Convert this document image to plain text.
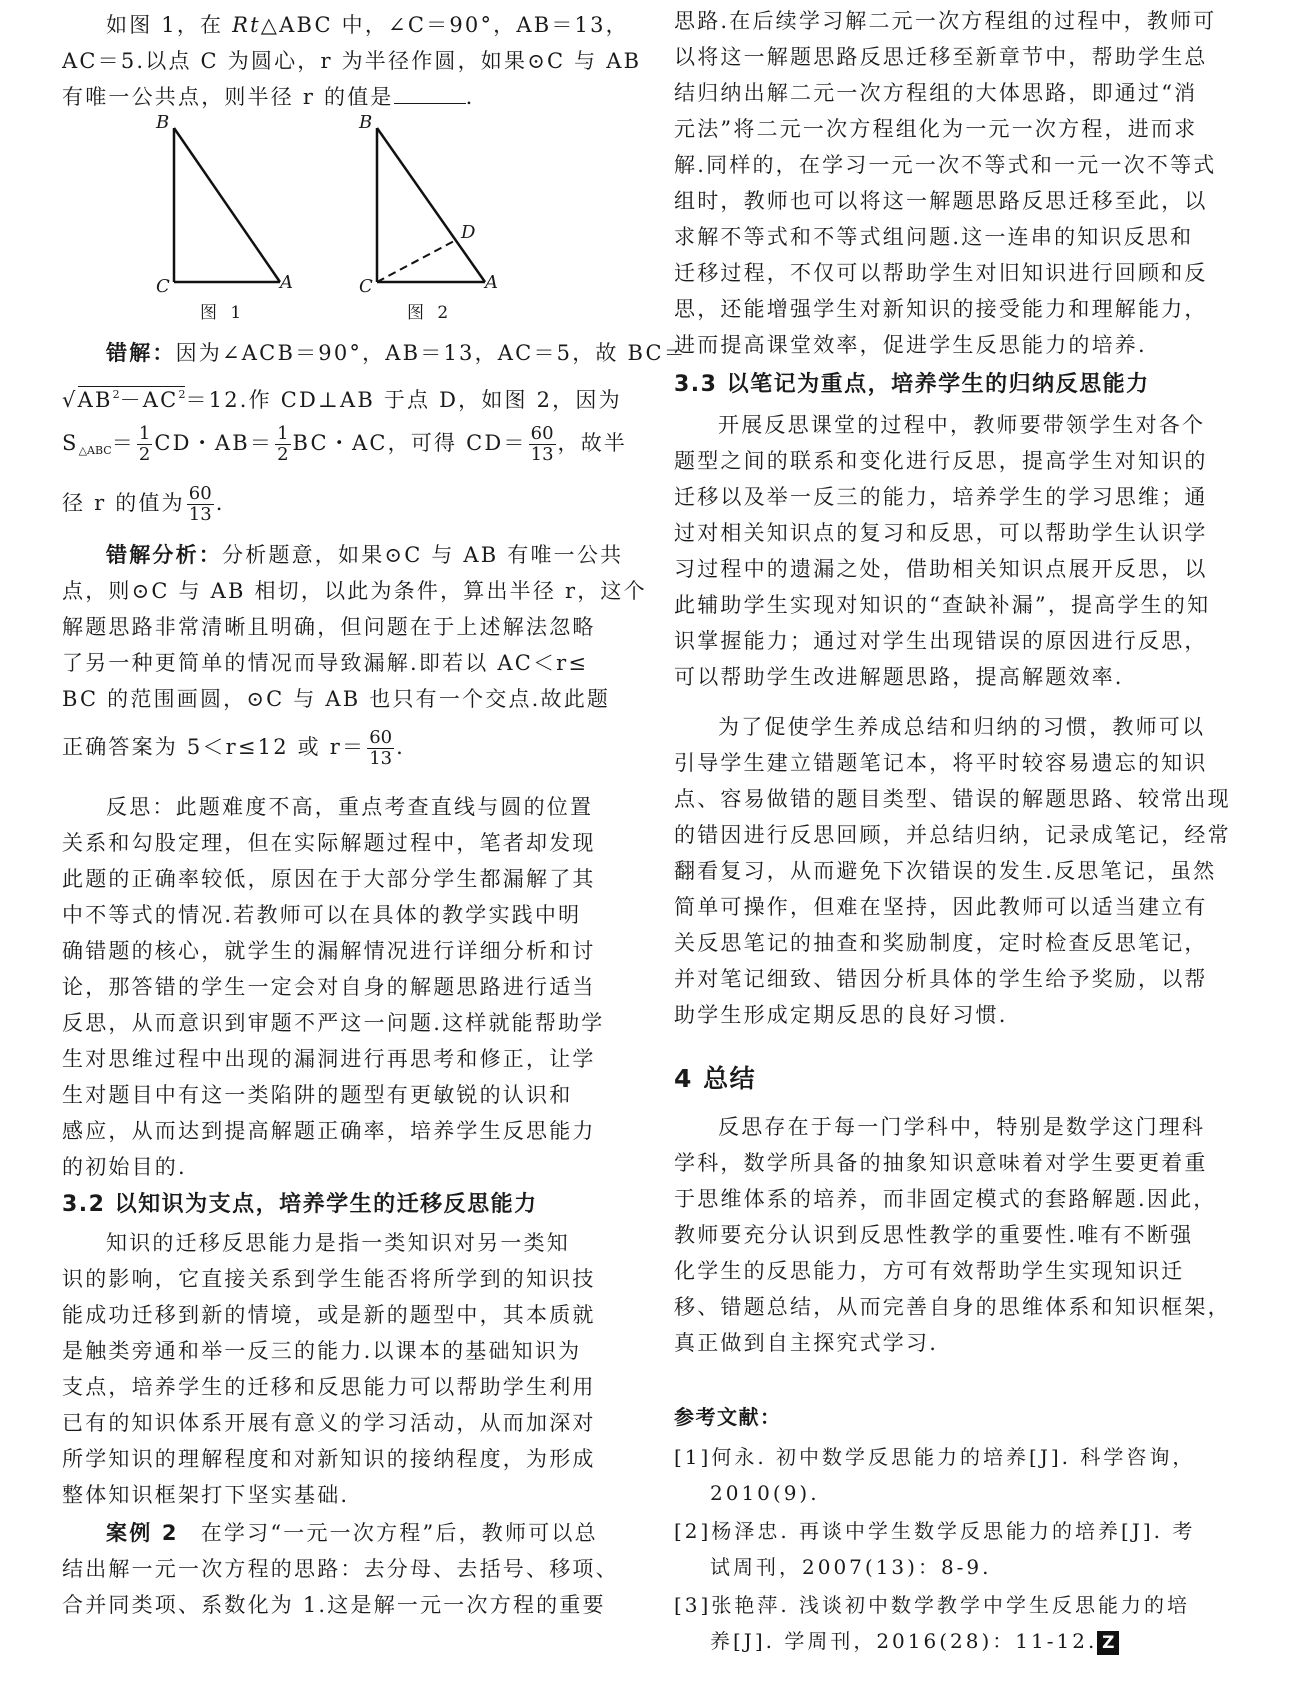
如图 1，在 Rt△ABC 中，∠C＝90°，AB＝13，
AC＝5.以点 C 为圆心，r 为半径作圆，如果⊙C 与 AB
有唯一公共点，则半径 r 的值是	.
B
C	A
图 1
B
C	A
D
图 2
错解：因为∠ACB＝90°，AB＝13，AC＝5，故 BC＝
$√AB^2-AC^2=12$.作 CD⊥AB 于点 D，如图 2，因为
$S_{\triangle ABC}= \frac{1}{2}$ CD・$AB= \frac{1}{2}$ BC・AC，可得 $CD= \frac{60}{13}$ ，故半
径 r 的值为 $\frac{60}{13}$ .
错解分析：分析题意，如果⊙C 与 AB 有唯一公共
点，则⊙C 与 AB 相切，以此为条件，算出半径 r，这个
解题思路非常清晰且明确，但问题在于上述解法忽略
了另一种更简单的情况而导致漏解.即若以 AC＜r≤
BC 的范围画圆，⊙C 与 AB 也只有一个交点.故此题
正确答案为 5＜r≤12 或 $r= \frac{60}{13}$ .
反思：此题难度不高，重点考查直线与圆的位置
关系和勾股定理，但在实际解题过程中，笔者却发现
此题的正确率较低，原因在于大部分学生都漏解了其
中不等式的情况.若教师可以在具体的教学实践中明
确错题的核心，就学生的漏解情况进行详细分析和讨
论，那答错的学生一定会对自身的解题思路进行适当
反思，从而意识到审题不严这一问题.这样就能帮助学
生对思维过程中出现的漏洞进行再思考和修正，让学
生对题目中有这一类陷阱的题型有更敏锐的认识和
感应，从而达到提高解题正确率，培养学生反思能力
的初始目的.
3.2 以知识为支点，培养学生的迁移反思能力
知识的迁移反思能力是指一类知识对另一类知
识的影响，它直接关系到学生能否将所学到的知识技
能成功迁移到新的情境，或是新的题型中，其本质就
是触类旁通和举一反三的能力.以课本的基础知识为
支点，培养学生的迁移和反思能力可以帮助学生利用
已有的知识体系开展有意义的学习活动，从而加深对
所学知识的理解程度和对新知识的接纳程度，为形成
整体知识框架打下坚实基础.
案例 2 在学习“一元一次方程”后，教师可以总
结出解一元一次方程的思路：去分母、去括号、移项、
合并同类项、系数化为 1.这是解一元一次方程的重要
思路.在后续学习解二元一次方程组的过程中，教师可
以将这一解题思路反思迁移至新章节中，帮助学生总
结归纳出解二元一次方程组的大体思路，即通过“消
元法”将二元一次方程组化为一元一次方程，进而求
解.同样的，在学习一元一次不等式和一元一次不等式
组时，教师也可以将这一解题思路反思迁移至此，以
求解不等式和不等式组问题.这一连串的知识反思和
迁移过程，不仅可以帮助学生对旧知识进行回顾和反
思，还能增强学生对新知识的接受能力和理解能力，
进而提高课堂效率，促进学生反思能力的培养.
3.3 以笔记为重点，培养学生的归纳反思能力
开展反思课堂的过程中，教师要带领学生对各个
题型之间的联系和变化进行反思，提高学生对知识的
迁移以及举一反三的能力，培养学生的学习思维；通
过对相关知识点的复习和反思，可以帮助学生认识学
习过程中的遗漏之处，借助相关知识点展开反思，以
此辅助学生实现对知识的“查缺补漏”，提高学生的知
识掌握能力；通过对学生出现错误的原因进行反思，
可以帮助学生改进解题思路，提高解题效率.
为了促使学生养成总结和归纳的习惯，教师可以
引导学生建立错题笔记本，将平时较容易遗忘的知识
点、容易做错的题目类型、错误的解题思路、较常出现
的错因进行反思回顾，并总结归纳，记录成笔记，经常
翻看复习，从而避免下次错误的发生.反思笔记，虽然
简单可操作，但难在坚持，因此教师可以适当建立有
关反思笔记的抽查和奖励制度，定时检查反思笔记，
并对笔记细致、错因分析具体的学生给予奖励，以帮
助学生形成定期反思的良好习惯.
4 总结
反思存在于每一门学科中，特别是数学这门理科
学科，数学所具备的抽象知识意味着对学生要更着重
于思维体系的培养，而非固定模式的套路解题.因此，
教师要充分认识到反思性教学的重要性.唯有不断强
化学生的反思能力，方可有效帮助学生实现知识迁
移、错题总结，从而完善自身的思维体系和知识框架，
真正做到自主探究式学习.
参考文献：
[1]何永. 初中数学反思能力的培养[J]. 科学咨询，
2010(9).
[2]杨泽忠. 再谈中学生数学反思能力的培养[J]. 考
试周刊，2007(13)：8-9.
[3]张艳萍. 浅谈初中数学教学中学生反思能力的培
养[J]. 学周刊，2016(28)：11-12. Z
